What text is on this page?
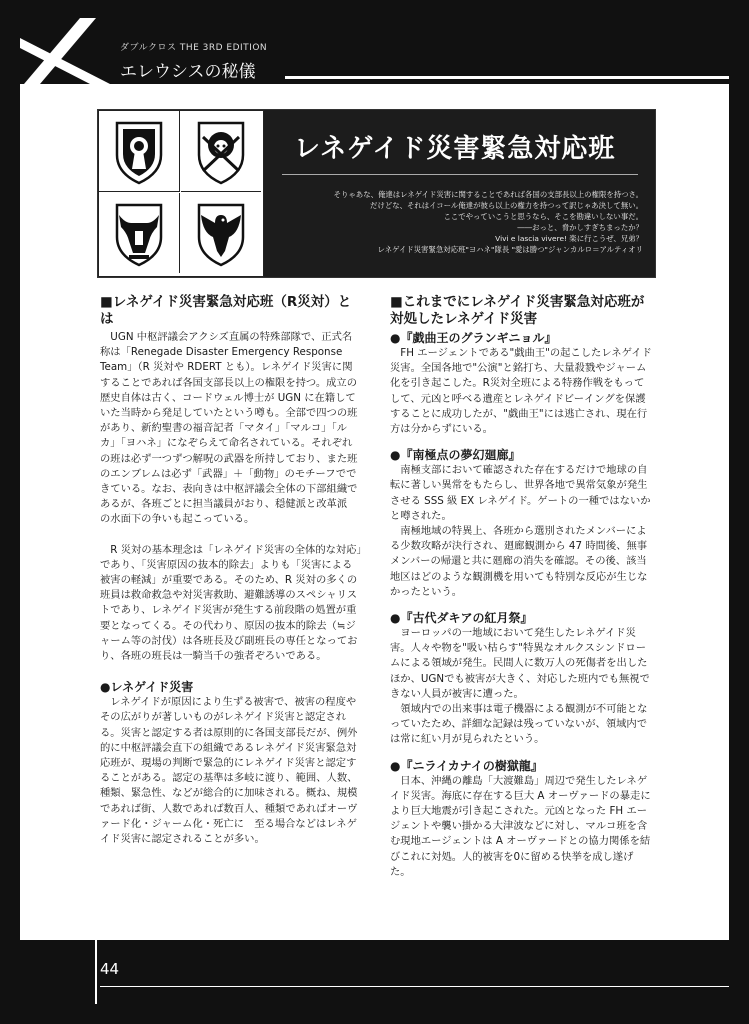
ダブルクロス THE 3RD EDITION
エレウシスの秘儀
レネゲイド災害緊急対応班
そりゃあな、俺達はレネゲイド災害に関することであれば各国の支部長以上の権限を持つさ。
だけどな、それはイコール俺達が彼ら以上の権力を持つって訳じゃあ決して無い。
ここでやっていこうと思うなら、そこを勘違いしない事だ。
――おっと、脅かしすぎちまったか？
Vivi e lascia vivere! 楽に行こうぜ、兄弟？
レネゲイド災害緊急対応班"ヨハネ"隊長 "愛は勝つ"ジャンカルロ＝アルティオリ
■レネゲイド災害緊急対応班（R災対）とは

UGN 中枢評議会アクシズ直属の特殊部隊で、正式名称は「Renegade Disaster Emergency Response Team」（R 災対や RDERT とも）。レネゲイド災害に関することであれば各国支部長以上の権限を持つ。成立の歴史自体は古く、コードウェル博士が UGN に在籍していた当時から発足していたという噂も。全部で四つの班があり、新約聖書の福音記者「マタイ」「マルコ」「ルカ」「ヨハネ」になぞらえて命名されている。それぞれの班は必ず一つずつ解呪の武器を所持しており、また班のエンブレムは必ず「武器」＋「動物」のモチーフでできている。なお、表向きは中枢評議会全体の下部組織であるが、各班ごとに担当議員がおり、穏健派と改革派　の水面下の争いも起こっている。

R 災対の基本理念は「レネゲイド災害の全体的な対応」であり、「災害原因の抜本的除去」よりも「災害による被害の軽減」が重要である。そのため、R 災対の多くの班員は救命救急や対災害救助、避難誘導のスペシャリストであり、レネゲイド災害が発生する前段階の処置が重要となってくる。その代わり、原因の抜本的除去（≒ジャーム等の討伐）は各班長及び副班長の専任となっており、各班の班長は一騎当千の強者ぞろいである。

●レネゲイド災害

レネゲイドが原因により生ずる被害で、被害の程度やその広がりが著しいものがレネゲイド災害と認定される。災害と認定する者は原則的に各国支部長だが、例外的に中枢評議会直下の組織であるレネゲイド災害緊急対応班が、現場の判断で緊急的にレネゲイド災害と認定することがある。認定の基準は多岐に渡り、範囲、人数、種類、緊急性、などが総合的に加味される。概ね、規模であれば街、人数であれば数百人、種類であればオーヴァード化・ジャーム化・死亡に　至る場合などはレネゲイド災害に認定されることが多い。

■これまでにレネゲイド災害緊急対応班が対処したレネゲイド災害
●『戯曲王のグランギニョル』

FH エージェントである"戯曲王"の起こしたレネゲイド災害。全国各地で"公演"と銘打ち、大量殺戮やジャーム化を引き起こした。R災対全班による特務作戦をもってして、元凶と呼べる遺産とレネゲイドビーイングを保護することに成功したが、"戯曲王"には逃亡され、現在行方は分からずにいる。

●『南極点の夢幻廻廊』

南極支部において確認された存在するだけで地球の自転に著しい異常をもたらし、世界各地で異常気象が発生させる SSS 級 EX レネゲイド。ゲートの一種ではないかと噂された。

南極地域の特異上、各班から選別されたメンバーによる少数攻略が決行され、廻廊観測から 47 時間後、無事メンバーの帰還と共に廻廊の消失を確認。その後、該当地区はどのような観測機を用いても特別な反応が生じなかったという。

●『古代ダキアの紅月祭』

ヨーロッパの一地域において発生したレネゲイド災害。人々や物を"吸い枯らす"特異なオルクスシンドロームによる領域が発生。民間人に数万人の死傷者を出したほか、UGNでも被害が大きく、対応した班内でも無視できない人員が被害に遭った。

領域内での出来事は電子機器による観測が不可能となっていたため、詳細な記録は残っていないが、領域内では常に紅い月が見られたという。

●『ニライカナイの樹獄龍』

日本、沖縄の離島「大渡難島」周辺で発生したレネゲイド災害。海底に存在する巨大 A オーヴァードの暴走により巨大地震が引き起こされた。元凶となった FH エージェントや襲い掛かる大津波などに対し、マルコ班を含む現地エージェントは A オーヴァードとの協力関係を結びこれに対処。人的被害を0に留める快挙を成し遂げた。

44
